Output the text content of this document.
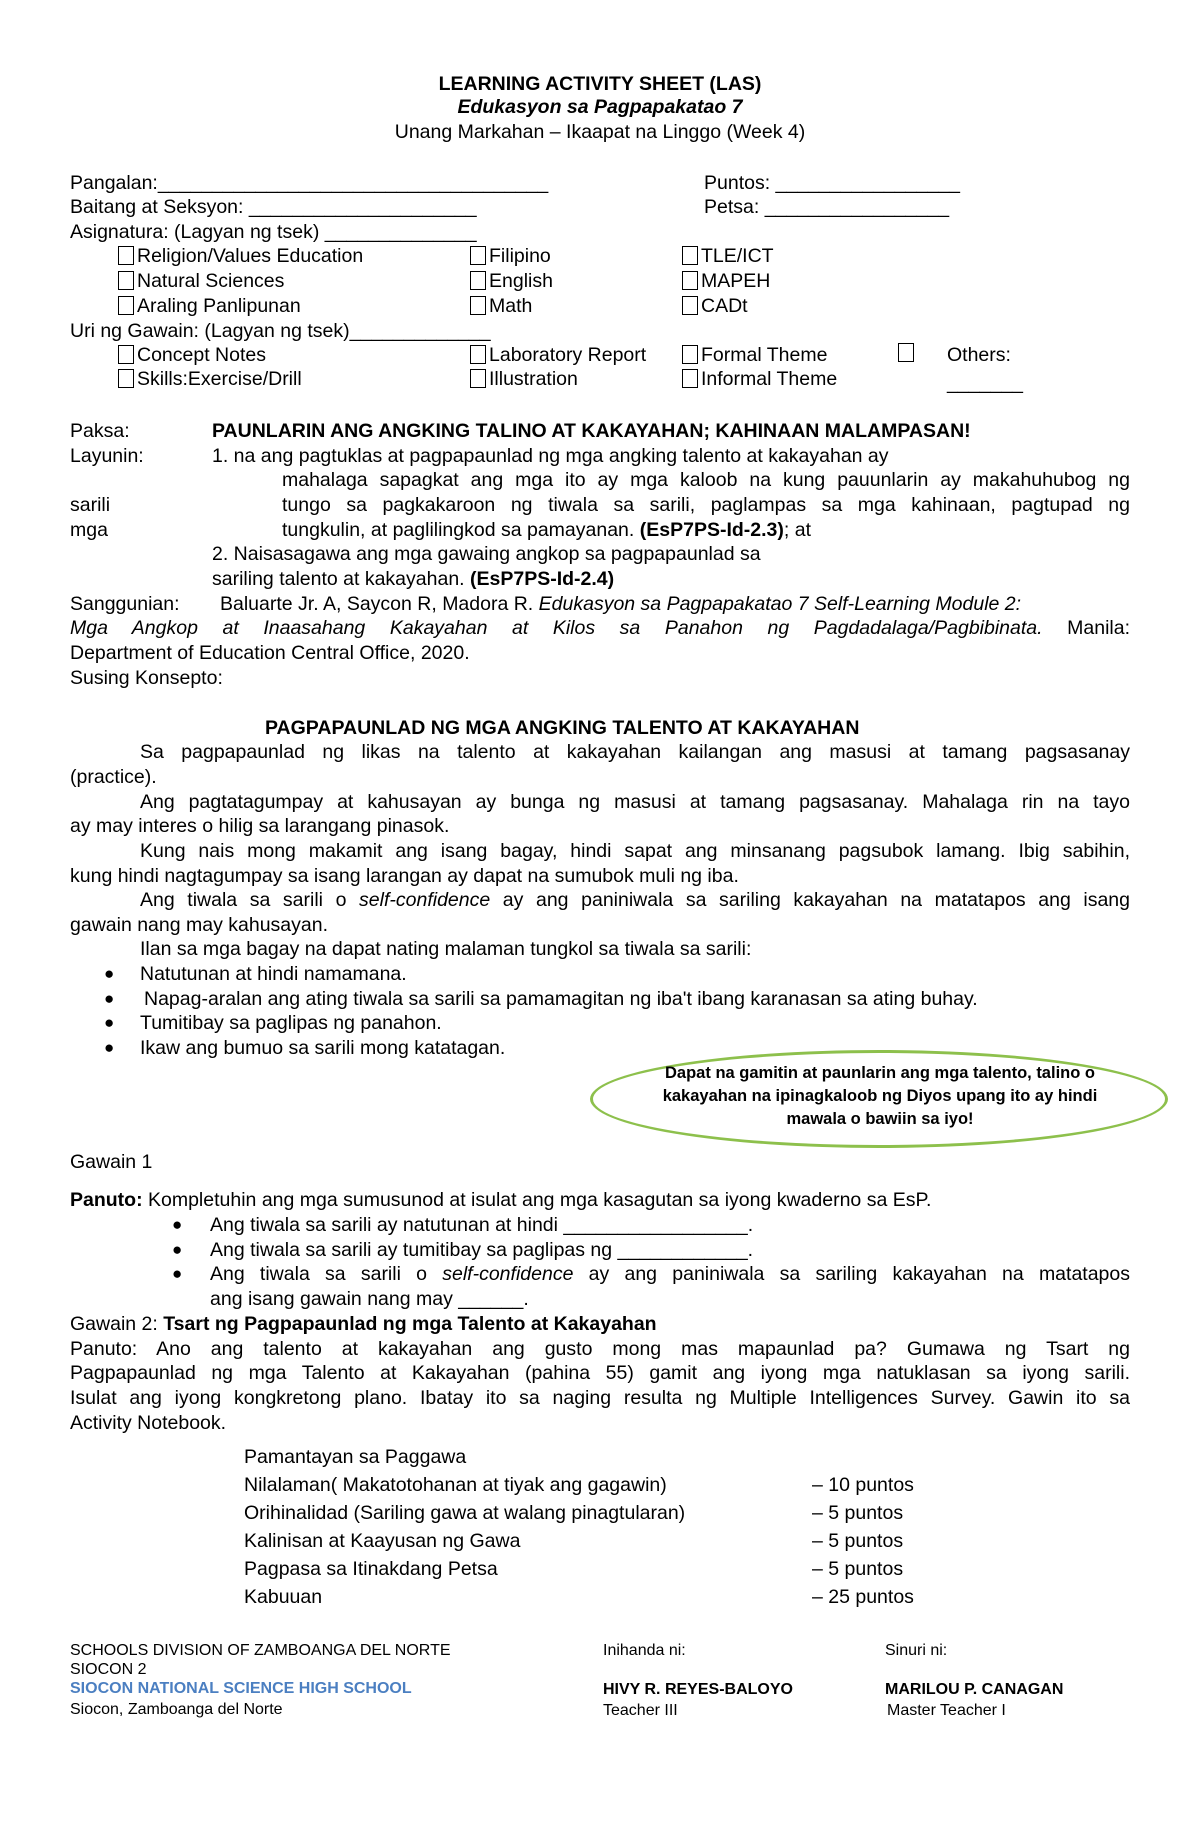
LEARNING ACTIVITY SHEET (LAS)
Edukasyon sa Pagpapakatao 7
Unang Markahan – Ikaapat na Linggo (Week 4)
Pangalan:____________________________________	Puntos: _________________
Baitang at Seksyon: _____________________	Petsa: _________________
Asignatura: (Lagyan ng tsek) ______________
Religion/Values Education	Filipino	TLE/ICT
Natural Sciences	English	MAPEH
Araling Panlipunan	Math	CADt
Uri ng Gawain: (Lagyan ng tsek)_____________
Concept Notes	Laboratory Report	Formal Theme	Others:
Skills:Exercise/Drill	Illustration	Informal Theme	_______
Paksa:	PAUNLARIN ANG ANGKING TALINO AT KAKAYAHAN; KAHINAAN MALAMPASAN!
Layunin:	1. na ang pagtuklas at pagpapaunlad ng mga angking talento at kakayahan ay
mahalaga sapagkat ang mga ito ay mga kaloob na kung pauunlarin ay makahuhubog ng
sarili	tungo sa pagkakaroon ng tiwala sa sarili, paglampas sa mga kahinaan, pagtupad ng
mga	tungkulin, at paglilingkod sa pamayanan. (EsP7PS-Id-2.3); at
2. Naisasagawa ang mga gawaing angkop sa pagpapaunlad sa
sariling talento at kakayahan. (EsP7PS-Id-2.4)
Sanggunian: Baluarte Jr. A, Saycon R, Madora R. Edukasyon sa Pagpapakatao 7 Self-Learning Module 2:
Mga Angkop at Inaasahang Kakayahan at Kilos sa Panahon ng Pagdadalaga/Pagbibinata. Manila:
Department of Education Central Office, 2020.
Susing Konsepto:
PAGPAPAUNLAD NG MGA ANGKING TALENTO AT KAKAYAHAN
Sa pagpapaunlad ng likas na talento at kakayahan kailangan ang masusi at tamang pagsasanay
(practice).
Ang pagtatagumpay at kahusayan ay bunga ng masusi at tamang pagsasanay. Mahalaga rin na tayo
ay may interes o hilig sa larangang pinasok.
Kung nais mong makamit ang isang bagay, hindi sapat ang minsanang pagsubok lamang. Ibig sabihin,
kung hindi nagtagumpay sa isang larangan ay dapat na sumubok muli ng iba.
Ang tiwala sa sarili o self-confidence ay ang paniniwala sa sariling kakayahan na matatapos ang isang
gawain nang may kahusayan.
Ilan sa mga bagay na dapat nating malaman tungkol sa tiwala sa sarili:
● Natutunan at hindi namamana.
● Napag-aralan ang ating tiwala sa sarili sa pamamagitan ng iba't ibang karanasan sa ating buhay.
● Tumitibay sa paglipas ng panahon.
● Ikaw ang bumuo sa sarili mong katatagan.
Dapat na gamitin at paunlarin ang mga talento, talino o kakayahan na ipinagkaloob ng Diyos upang ito ay hindi mawala o bawiin sa iyo!
Gawain 1
Panuto: Kompletuhin ang mga sumusunod at isulat ang mga kasagutan sa iyong kwaderno sa EsP.
● Ang tiwala sa sarili ay natutunan at hindi _________________.
● Ang tiwala sa sarili ay tumitibay sa paglipas ng ____________.
● Ang tiwala sa sarili o self-confidence ay ang paniniwala sa sariling kakayahan na matatapos
ang isang gawain nang may ______.
Gawain 2: Tsart ng Pagpapaunlad ng mga Talento at Kakayahan
Panuto: Ano ang talento at kakayahan ang gusto mong mas mapaunlad pa? Gumawa ng Tsart ng
Pagpapaunlad ng mga Talento at Kakayahan (pahina 55) gamit ang iyong mga natuklasan sa iyong sarili.
Isulat ang iyong kongkretong plano. Ibatay ito sa naging resulta ng Multiple Intelligences Survey. Gawin ito sa
Activity Notebook.
Pamantayan sa Paggawa
Nilalaman( Makatotohanan at tiyak ang gagawin)	– 10 puntos
Orihinalidad (Sariling gawa at walang pinagtularan)	– 5 puntos
Kalinisan at Kaayusan ng Gawa	– 5 puntos
Pagpasa sa Itinakdang Petsa	– 5 puntos
Kabuuan	– 25 puntos
SCHOOLS DIVISION OF ZAMBOANGA DEL NORTE
SIOCON 2
SIOCON NATIONAL SCIENCE HIGH SCHOOL
Siocon, Zamboanga del Norte
Inihanda ni:
HIVY R. REYES-BALOYO
Teacher III
Sinuri ni:
MARILOU P. CANAGAN
Master Teacher I
